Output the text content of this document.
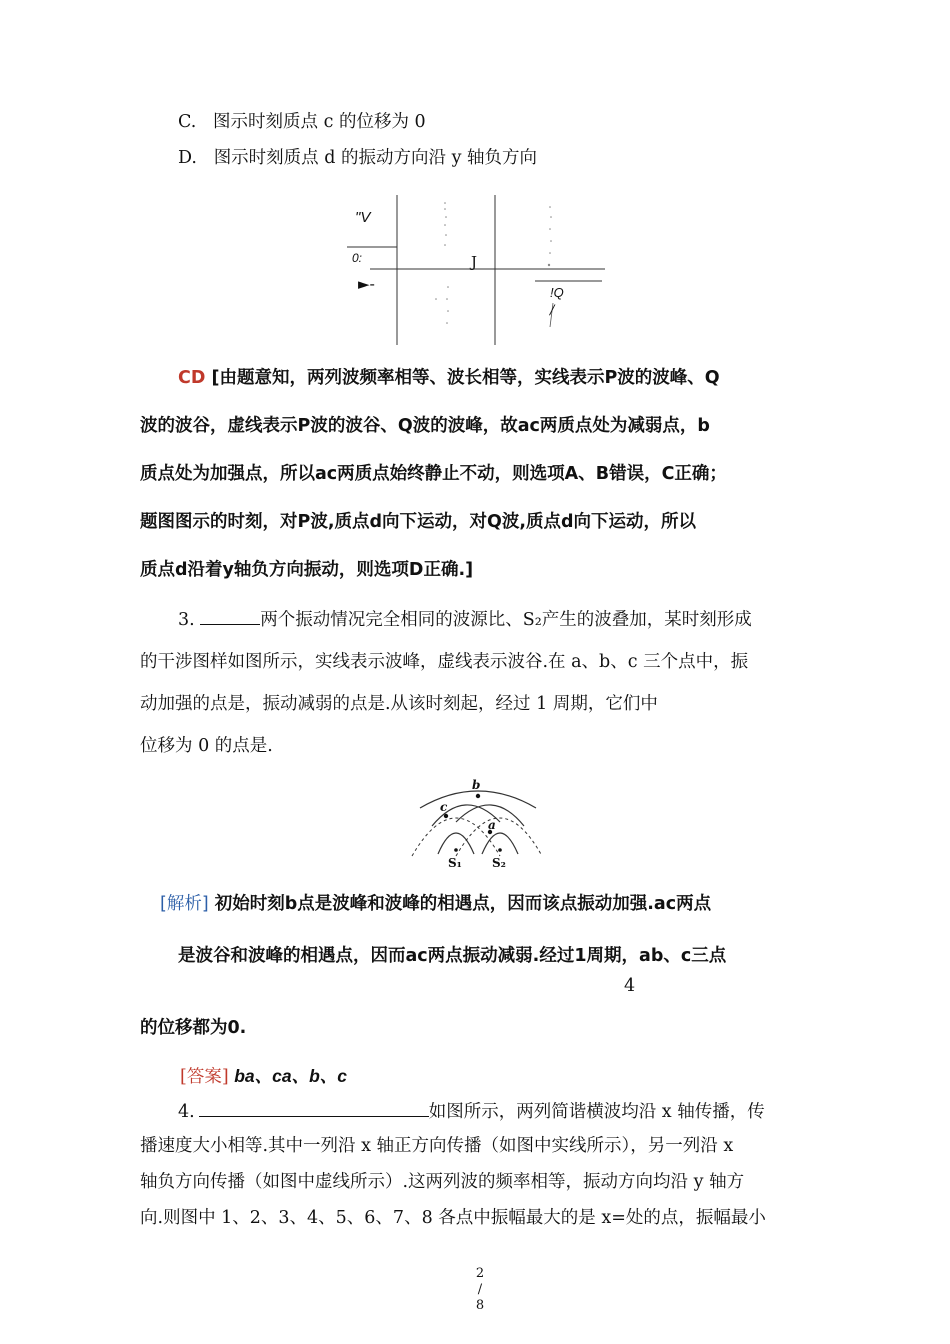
C. 图示时刻质点 c 的位移为 0
D. 图示时刻质点 d 的振动方向沿 y 轴负方向
"V
0:
►-
J
!Q
/
CD [由题意知，两列波频率相等、波长相等，实线表示P波的波峰、Q
波的波谷，虚线表示P波的波谷、Q波的波峰，故ac两质点处为减弱点，b
质点处为加强点，所以ac两质点始终静止不动，则选项A、B错误，C正确；
题图图示的时刻，对P波,质点d向下运动，对Q波,质点d向下运动，所以
质点d沿着y轴负方向振动，则选项D正确.]
3.	两个振动情况完全相同的波源比、S₂产生的波叠加，某时刻形成
的干涉图样如图所示，实线表示波峰，虚线表示波谷.在 a、b、c 三个点中，振
动加强的点是，振动减弱的点是.从该时刻起，经过 1 周期，它们中
位移为 0 的点是.
b
c
a
S₁	S₂
[解析] 初始时刻b点是波峰和波峰的相遇点，因而该点振动加强.ac两点
是波谷和波峰的相遇点，因而ac两点振动减弱.经过1周期，ab、c三点
4
的位移都为0.
[答案] ba、ca、b、c
4.	如图所示，两列简谐横波均沿 x 轴传播，传
播速度大小相等.其中一列沿 x 轴正方向传播（如图中实线所示），另一列沿 x
轴负方向传播（如图中虚线所示）.这两列波的频率相等，振动方向均沿 y 轴方
向.则图中 1、2、3、4、5、6、7、8 各点中振幅最大的是 x=处的点，振幅最小
2
/
8
